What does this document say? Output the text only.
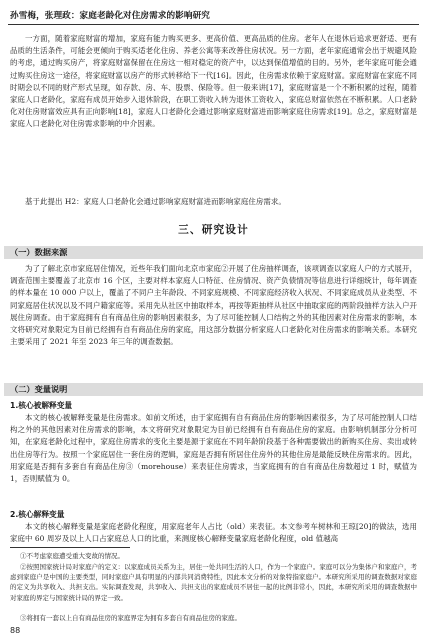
孙雪梅，张理政：家庭老龄化对住房需求的影响研究

一方面，随着家庭财富的增加，家庭有能力购买更多、更高价值、更高品质的住房。老年人在退休后追求更舒适、更有品质的生活条件，可能会更倾向于购买适老化住房、养老公寓等来改善住房状况。另一方面，老年家庭通常会出于规避风险的考虑，通过购买房产，将家庭财富保留在住房这一相对稳定的资产中，以达到保值增值的目的。另外，老年家庭可能会通过购买住房这一途径，将家庭财富以房产的形式转移给下一代[16]。因此，住房需求依赖于家庭财富。家庭财富在家庭不同时期会以不同的财产形式呈现，如存款、房、车、股票、保险等。但一般来讲[17]，家庭财富是一个不断积累的过程，随着家庭人口老龄化，家庭有成员开始步入退休阶段，在职工资收入转为退休工资收入，家庭总财富依然在不断积累。人口老龄化对住房财富效应具有正向影响[18]，家庭人口老龄化会通过影响家庭财富进而影响家庭住房需求[19]。总之，家庭财富是家庭人口老龄化对住房需求影响的中介因素。

基于此提出 H2：家庭人口老龄化会通过影响家庭财富进而影响家庭住房需求。

三、研究设计
（一）数据来源

为了了解北京市家庭居住情况，近些年我们面向北京市家庭②开展了住房抽样调查，该项调查以家庭人户的方式展开，调查范围主要覆盖了北京市 16 个区，主要对样本家庭人口特征、住房情况、资产负债情况等信息进行详细统计，每年调查的样本量在 10 000 户以上，覆盖了不同户主年龄段、不同家庭规模、不同家庭经济收入状况、不同家庭成员从业类型、不同家庭居住状况以及不同户籍家庭等。采用先从社区中抽取样本，再按等距抽样从社区中抽取家庭的两阶段抽样方法入户开展住房调查。由于家庭拥有自有商品住房的影响因素很多，为了尽可能控制人口结构之外的其他因素对住房需求的影响，本文将研究对象限定为目前已经拥有自有商品住房的家庭，用这部分数据分析家庭人口老龄化对住房需求的影响关系。本研究主要采用了 2021 年至 2023 年三年的调查数据。

（二）变量说明
1.核心被解释变量

本文的核心被解释变量是住房需求。如前文所述，由于家庭拥有自有商品住房的影响因素很多，为了尽可能控制人口结构之外的其他因素对住房需求的影响，本文将研究对象限定为目前已经拥有自有商品住房的家庭。由影响机制部分分析可知，在家庭老龄化过程中，家庭住房需求的变化主要是源于家庭在不同年龄阶段基于各种需要做出的新购买住房、卖出或转出住房等行为。按照一个家庭居住一套住房的逻辑，家庭是否拥有所居住住房外的其他住房是最能反映住房需求的。因此，用家庭是否拥有多套自有商品住房③（morehouse）来表征住房需求，当家庭拥有的自有商品住房数超过 1 时，赋值为 1，否则赋值为 0。

2.核心解释变量

本文的核心解释变量是家庭老龄化程度，用家庭老年人占比（old）来表征。本文参考车树林和王琼[20]的做法，选用家庭中 60 周岁及以上人口占家庭总人口的比重，来测度核心解释变量家庭老龄化程度，old 值越高

①不考虑家庭遭受重大变故的情况。

②按照国家统计局对家庭户的定义：以家庭成员关系为主，居住一处共同生活的人口，作为一个家庭户。家庭可以分为集体户和家庭户，考虑到家庭户是中国的主要类型，同时家庭户具有明显的内部共同消费特性，因此本文分析的对象特指家庭户。本研究所采用的调查数据对家庭的定义为共享收入、共担支出。实际调查发现，共享收入、共担支出的家庭成员不居住一起的比例非常小，因此，本研究所采用的调查数据中对家庭的界定与国家统计局的界定一致。

③将拥有一套以上自有商品住房的家庭界定为拥有多套自有商品住房的家庭。

88
